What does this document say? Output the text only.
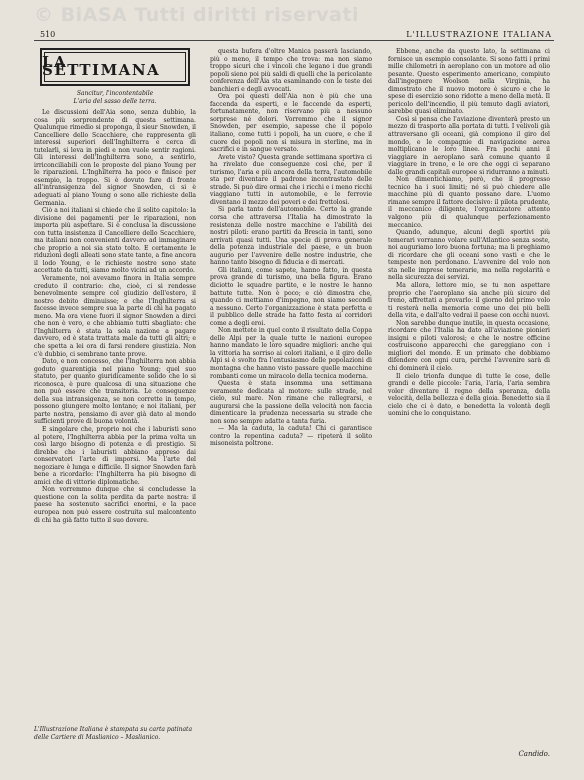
© BiASA Tutti diritti riservati
510	L'ILLUSTRAZIONE ITALIANA
LA SETTIMANA
Sancitur, l'incontentabile
L'aria del sasso delle terra.

Le discussioni dell'Aia sono, senza dubbio, la cosa più sorprendente di questa settimana. Qualunque rimedio si proponga, il sieur Snowden, il Cancelliere dello Scacchiere, che rappresenta gli interessi superiori dell'Inghilterra e cerca di tutelarli, si leva in piedi e non vuole sentir ragioni. Gli interessi dell'Inghilterra sono, a sentirlo, irriconciliabili con le proposte del piano Young per le riparazioni. L'Inghilterra ha poco e finisce per esempio, la troppo. Si è dovuto fare di fronte all'intransigenza del signor Snowden, ci si è adeguati al piano Young o sono alle richieste della Germania.

Ciò a noi italiani si chiede che il solito capitolo: la divisione dei pagamenti per le riparazioni, non importa più aspettare. Si è conclusa la discussione con tutta insistenza il Cancelliere dello Scacchiere, ma italiani non convenienti davvero ad immaginare che proprio a noi sia stato tolto. E certamente le riduzioni degli alleati sono state tante, a fine ancora il lodo Young, e le richieste nostre sono state accettate da tutti, siamo molto vicini ad un accordo.

Veramente, noi avevamo finora in Italia sempre creduto il contrario: che, cioè, ci si rendesse benevolmente sempre col giudizio dell'estero, il nostro debito diminuisse; e che l'Inghilterra si facesse invece sempre sua la parte di chi ha pagato meno. Ma ora viene fuori il signor Snowden a dirci che non è vero, e che abbiamo tutti sbagliato: che l'Inghilterra è stata la sola nazione a pagare davvero, ed è stata trattata male da tutti gli altri; e che spetta a lei ora di farsi rendere giustizia. Non c'è dubbio, ci sembrano tante prove.

Dato, e non concesso, che l'Inghilterra non abbia goduto guarentigia nel piano Young; quel suo statuto, per quanto giuridicamente solido che lo si riconosca, è pure qualcosa di una situazione che non può essere che transitoria. Le conseguenze della sua intransigenza, se non corrette in tempo, possono giungere molto lontano; e noi italiani, per parte nostra, pensiamo di aver già dato al mondo sufficienti prove di buona volontà.

E singolare che, proprio noi che i laburisti sono al potere, l'Inghilterra abbia per la prima volta un così largo bisogno di potenza e di prestigio. Si direbbe che i laburisti abbiano appreso dai conservatori l'arte di imporsi. Ma l'arte del negoziare è lunga e difficile. Il signor Snowden farà bene a ricordarlo: l'Inghilterra ha più bisogno di amici che di vittorie diplomatiche.

Non vorremmo dunque che si concludesse la questione con la solita perdita da parte nostra: il paese ha sostenuto sacrifici enormi, e la pace europea non può essere costruita sul malcontento di chi ha già fatto tutto il suo dovere.

questa bufera d'oltre Manica passerà lasciando, più o meno, il tempo che trova: ma non siamo troppo sicuri che i vincoli che legano i due grandi popoli sieno poi più saldi di quelli che la pericolante conferenza dell'Aia sta esaminando con le teste dei banchieri e degli avvocati.

Ora poi questi dell'Aia non è più che una faccenda da esperti, e le faccende da esperti, fortunatamente, non riservano più a nessuno sorprese né dolori. Vorremmo che il signor Snowden, per esempio, sapesse che il popolo italiano, come tutti i popoli, ha un cuore, e che il cuore dei popoli non si misura in sterline, ma in sacrifici e in sangue versato.

Avete visto? Questa grande settimana sportiva ci ha rivelato due conseguenze così che, per il turismo, l'aria e più ancora della terra, l'automobile sta per diventare il padrone incontrastato delle strade. Si può dire ormai che i ricchi e i meno ricchi viaggiano tutti in automobile, e le ferrovie diventano il mezzo dei poveri e dei frettolosi.

Si parla tanto dell'automobile. Certo la grande corsa che attraversa l'Italia ha dimostrato la resistenza delle nostre macchine e l'abilità dei nostri piloti: erano partiti da Brescia in tanti, sono arrivati quasi tutti. Una specie di prova generale della potenza industriale del paese, e un buon augurio per l'avvenire delle nostre industrie, che hanno tanto bisogno di fiducia e di mercati.

Gli italiani, come sapete, hanno fatto, in questa prova grande di turismo, una bella figura. Erano diciotto le squadre partite, e le nostre le hanno battute tutte. Non è poco; e ciò dimostra che, quando ci mettiamo d'impegno, non siamo secondi a nessuno. Certo l'organizzazione è stata perfetta e il pubblico delle strade ha fatto festa ai corridori come a degli eroi.

Non mettete in quel conto il risultato della Coppa delle Alpi per la quale tutte le nazioni europee hanno mandato le loro squadre migliori: anche qui la vittoria ha sorriso ai colori italiani, e il giro delle Alpi si è svolto fra l'entusiasmo delle popolazioni di montagna che hanno visto passare quelle macchine rombanti come un miracolo della tecnica moderna.

Questa è stata insomma una settimana veramente dedicata al motore: sulle strade, nel cielo, sul mare. Non rimane che rallegrarsi, e augurarsi che la passione della velocità non faccia dimenticare la prudenza necessaria su strade che non sono sempre adatte a tanta furia.

— Ma la caduta, la caduta! Chi ci garantisce contro la repentina caduta? — ripeterà il solito misoneista poltrone.

Ebbene, anche da questo lato, la settimana ci fornisce un esempio consolante. Si sono fatti i primi mille chilometri in aeroplano con un motore ad olio pesante. Questo esperimento americano, compiuto dall'ingegnere Woolson nella Virginia, ha dimostrato che il nuovo motore è sicuro e che le spese di esercizio sono ridotte a meno della metà. Il pericolo dell'incendio, il più temuto dagli aviatori, sarebbe quasi eliminato.

Così si pensa che l'aviazione diventerà presto un mezzo di trasporto alla portata di tutti. I velivoli già attraversano gli oceani, già compiono il giro del mondo, e le compagnie di navigazione aerea moltiplicano le loro linee. Fra pochi anni il viaggiare in aeroplano sarà comune quanto il viaggiare in treno, e le ore che oggi ci separano dalle grandi capitali europee si ridurranno a minuti.

Non dimentichiamo, però, che il progresso tecnico ha i suoi limiti; né si può chiedere alle macchine più di quanto possano dare. L'uomo rimane sempre il fattore decisivo: il pilota prudente, il meccanico diligente, l'organizzatore attento valgono più di qualunque perfezionamento meccanico.

Quando, adunque, alcuni degli sportivi più temerari vorranno volare sull'Atlantico senza soste, noi auguriamo loro buona fortuna; ma li preghiamo di ricordare che gli oceani sono vasti e che le tempeste non perdonano. L'avvenire del volo non sta nelle imprese temerarie, ma nella regolarità e nella sicurezza dei servizi.

Ma allora, lettore mio, se tu non aspettare proprio che l'aeroplano sia anche più sicuro del treno, affrettati a provarlo: il giorno del primo volo ti resterà nella memoria come uno dei più belli della vita, e dall'alto vedrai il paese con occhi nuovi.

Non sarebbe dunque inutile, in questa occasione, ricordare che l'Italia ha dato all'aviazione pionieri insigni e piloti valorosi; e che le nostre officine costruiscono apparecchi che gareggiano con i migliori del mondo. È un primato che dobbiamo difendere con ogni cura, perché l'avvenire sarà di chi dominerà il cielo.

Il cielo trionfa dunque di tutte le cose, delle grandi e delle piccole: l'aria, l'aria, l'aria sembra voler diventare il regno della speranza, della velocità, della bellezza e della gioia. Benedetto sia il cielo che ci è dato, e benedetta la volontà degli uomini che lo conquistano.

L'Illustrazione Italiana è stampata su carta patinata delle Cartiere di Maslianico – Maslianico.
Candido.
